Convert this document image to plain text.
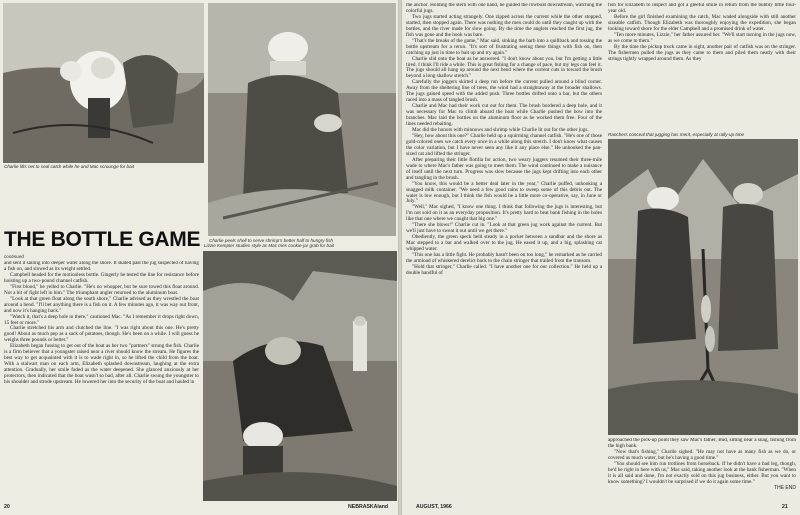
Charlie lifts net to seal catch while he and Mac scrounge for bait
Charlie peels shell to serve shrimp's better half to hungry fish
THE BOTTLE GAME
continued

and sent it sailing into deeper water along the shore. It skated past the jug suspected of having a fish on, and slowed as its weight settled.

Campbell headed for the motionless bottle. Gingerly he tested the line for resistance before hoisting up a two-pound channel catfish.

"First blood," he yelled to Charlie. "He's no whopper, but be sure towed this float around. Not a bit of fight left in him." The triumphant angler returned to the aluminum boat.

"Look at that green float along the south shore," Charlie advised as they wrestled the boat around a bend. "I'll bet anything there is a fish on it. A few minutes ago, it was way out front, and now it's hanging back."

"Watch it, that's a deep hole in there," cautioned Mac. "As I remember it drops right down, 15 feet or more."

Charlie stretched his arm and clutched the line. "I was right about this one. He's pretty good! About as much pep as a sack of potatoes, though. He's been on a while. I will guess he weighs three pounds or better."

Elizabeth began fussing to get out of the boat as her two "partners" strung the fish. Charlie is a firm believer that a youngster raised near a river should know the stream. He figures the best way to get acquainted with it is to wade right in, so he lifted the child from the boat. With a stalwart man on each arm, Elizabeth splashed downstream, laughing at the extra attention. Gradually, her smile faded as the water deepened. She glanced anxiously at her protectors, then indicated that the boat wasn't so bad, after all. Charlie swung the youngster to his shoulder and strode upstream. He lowered her into the security of the boat and hauled in

Lizzie Kempter studies style as Mac tries cookie-jar grab for bait
20	NEBRASKAland

the anchor. Holding the stern with one hand, he guided the rowboat downstream, watching the colorful jugs.

Two jugs started acting strangely. One zipped across the current while the other stopped, started, then stopped again. There was nothing the men could do until they caught up with the bottles, and the river made for slow going. By the time the anglers reached the first jug, the fish was gone and the hook was bare.

"That's the breaks of the game," Mac said, sinking the barb into a quillback and tossing the bottle upstream for a rerun. "It's sort of frustrating seeing these things with fish on, then catching up just in time to bait up and try again."

Charlie slid onto the boat as he answered. "I don't know about you, but I'm getting a little tired. I think I'll ride a while. This is great fishing for a change of pace, but my legs can feel it. The jugs should all hang up around the next bend where the current cuts in toward the brush beyond a long shallow stretch."

Carefully the joggers skirted a deep run before the current pulled around a blind corner. Away from the sheltering line of trees, the wind had a straightaway at the broader shallows. The jugs gained speed with the added push. Three bottles drifted onto a bar, but the others raced into a mass of tangled brush.

Charlie and Mac had their work cut out for them. The brush bordered a deep hole, and it was necessary for Mac to climb aboard the boat while Charlie pushed the bow into the branches. Mac laid the bottles on the aluminum floor as he worked them free. Four of the lines needed rebaiting.

Mac did the honors with minnows and shrimp while Charlie lit out for the other jugs.

"Hey, how about this one?" Charlie held up a squirming channel catfish. "He's one of those gold-colored ones we catch every once in a while along this stretch. I don't know what causes the color variation, but I have never seen any like it any place else." He unhooked the pan-sized cat and lifted the stringer.

After preparing their little flotilla for action, two weary juggers resumed their three-mile wade to where Mac's father was going to meet them. The wind continued to make a nuisance of itself until the next turn. Progress was slow because the jugs kept drifting into each other and tangling in the brush.

"You know, this would be a better deal later in the year," Charlie puffed, unhooking a snagged milk container. "We need a few good rains to sweep some of this debris out. The water is low enough, but I think the fish would be a little more co-operative, say, in June or July."

"Well," Mac sighed, "I know one thing. I think that following the jugs is interesting, but I'm not sold on it as an everyday proposition. It's pretty hard to beat bank fishing in the holes like that one where we caught that big one."

"There she blows!" Charlie cut in. "Look at that green jug work against the current. But we'll just have to sweat it out until we get there."

Obediently, the green speck held steady in a pocket between a sandbar and the shore as Mac stepped to a bar and walked over to the jug. He eased it up, and a big, splashing cat whipped water.

"This one has a little fight. He probably hasn't been on too long," he remarked as he carried the armload of whiskered derelict back to the chain stringer that trailed from the transom.

"Hold that stringer," Charlie called. "I have another one for our collection." He held up a double handful of

fish for Elizabeth to inspect and got a gleeful smile in return from the bubbly little four-year old.

Before the girl finished examining the catch, Mac waded alongside with still another sizeable catfish. Though Elizabeth was thoroughly enjoying the expedition, she began looking toward shore for the elder Campbell and a promised drink of water.

"Ten more minutes, Lizzie," her father assured her. "We'll start turning in the jugs now, as we come to them."

By the time the pickup truck came in sight, another pair of catfish was on the stringer. The fishermen pulled the jugs as they came to them and piled them neatly with their strings tightly wrapped around them. As they

Ranchers conceal that jugging has merit, especially at rally-up time

approached the pick-up point they saw Mac's father, Bud, sitting near a snag, fishing from the high bank.

"Now that's fishing," Charlie sighed. "He may not have as many fish as we do, or covered as much water, but he's having a good time."

"You should see him run trotlines from horseback. If he didn't have a bad leg, though, he'd be right in here with us," Mac said, taking another look at the bank fisherman. "When it is all said and done, I'm not exactly sold on this jug business, either. But you want to know something? I wouldn't be surprised if we do it again some time."

THE END
AUGUST, 1966	21
